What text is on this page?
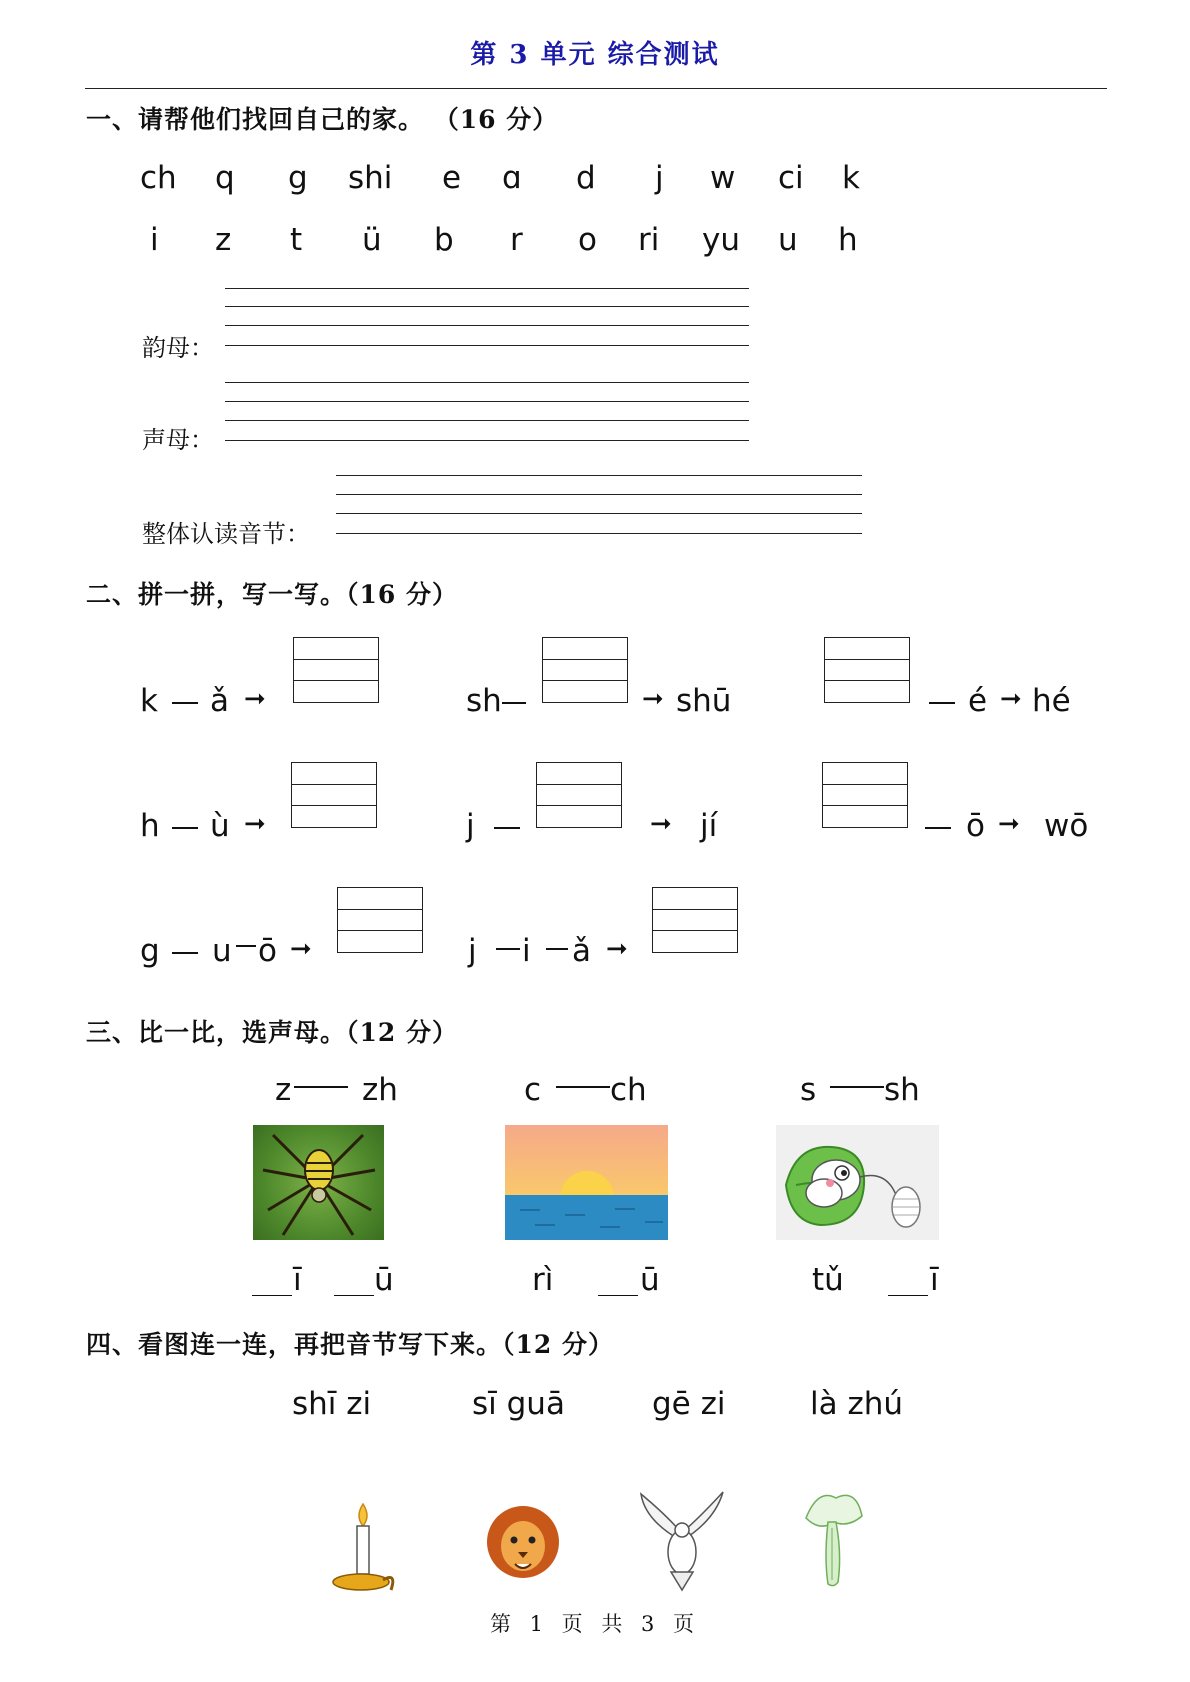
第 3 单元 综合测试
一、请帮他们找回自己的家。 （16 分）
ch q g shi e ɑ d j w ci k
i z t ü b r o ri yu u h
韵母：
声母：
整体认读音节：
二、拼一拼，写一写。（16 分）
k ǎ ➞	sh	➞ shū	é ➞ hé
h ù ➞	j	➞ jí	ō ➞ wō
g u ō ➞	j i ǎ ➞
三、比一比，选声母。（12 分）
z zh	c ch	s sh
ī ū	rì	ū	tǔ	ī
四、看图连一连，再把音节写下来。（12 分）
shī zi	sī guā	gē zi	là zhú
第 1 页 共 3 页
